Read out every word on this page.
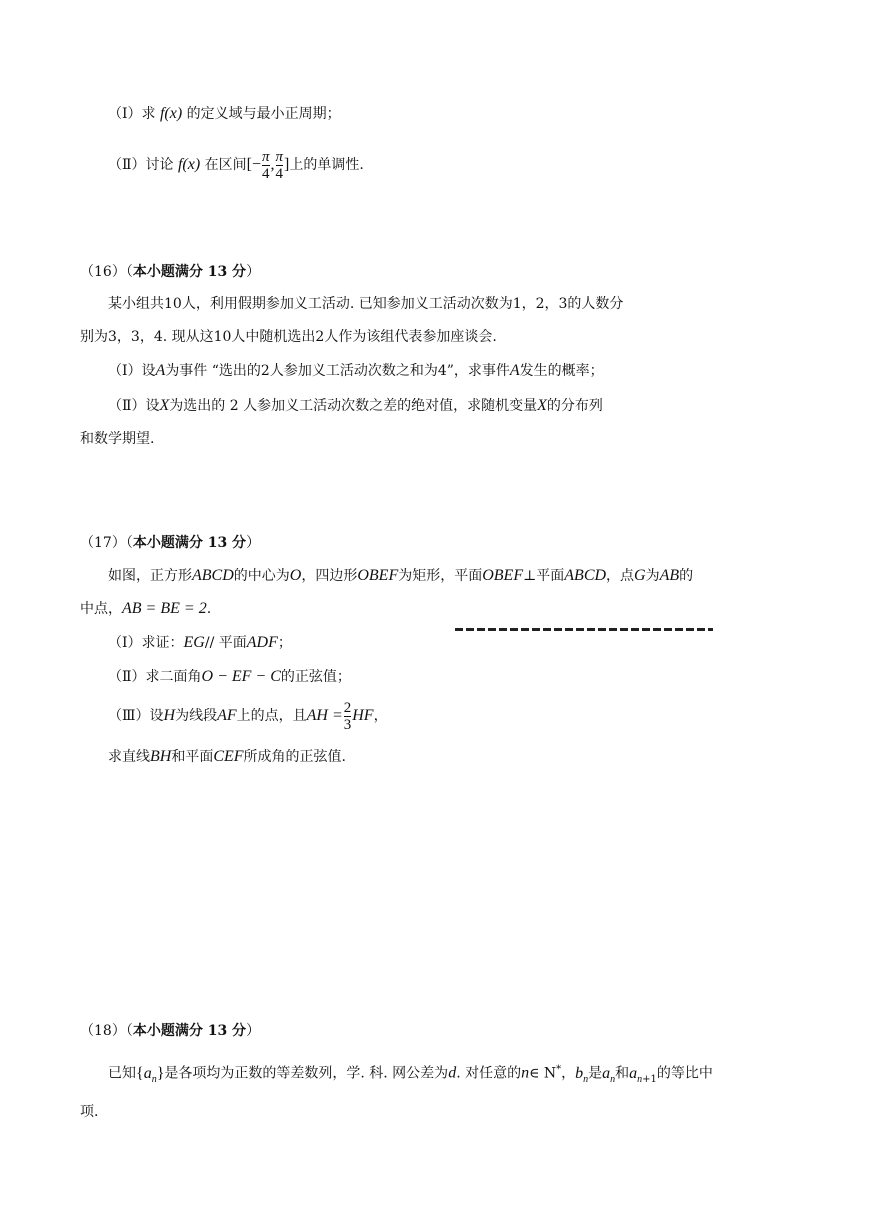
（Ⅰ）求 f(x) 的定义域与最小正周期；
（Ⅱ）讨论 f(x) 在区间[− $\frac{\pi}{4}$ , $\frac{\pi}{4}$ ]上的单调性.
（16）（本小题满分 13 分）
某小组共10人，利用假期参加义工活动. 已知参加义工活动次数为1，2，3的人数分
别为3，3，4. 现从这10人中随机选出2人作为该组代表参加座谈会.
（Ⅰ）设A为事件 “选出的2人参加义工活动次数之和为4”，求事件A发生的概率；
（Ⅱ）设X为选出的 2 人参加义工活动次数之差的绝对值，求随机变量X的分布列
和数学期望.
（17）（本小题满分 13 分）
如图，正方形ABCD的中心为O，四边形OBEF为矩形，平面OBEF⊥平面ABCD，点G为AB的
中点，AB = BE = 2.
（Ⅰ）求证：EG// 平面ADF；
（Ⅱ）求二面角O − EF − C的正弦值；
（Ⅲ）设H为线段AF上的点，且AH = $\frac{2}{3}$ HF，
求直线BH和平面CEF所成角的正弦值.
（18）（本小题满分 13 分）
已知$\{a_n\}$是各项均为正数的等差数列，学. 科. 网公差为d. 对任意的n∈ N*，$b_n$是$a_n$和$a_{n+1}$的等比中
项.
